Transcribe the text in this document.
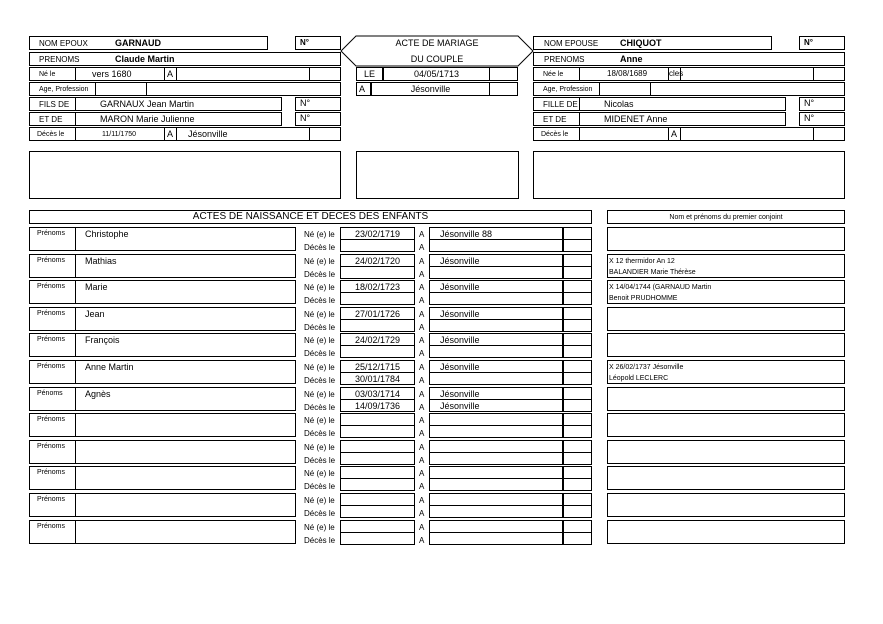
NOM EPOUX	GARNAUD	N°
PRENOMS	Claude Martin
Né le	vers 1680	A
Age, Profession
FILS DE	GARNAUX Jean Martin	N°
ET DE	MARON Marie Julienne	N°
Décès le	11/11/1750	A Jésonville
ACTE DE MARIAGE
DU COUPLE
LE	04/05/1713
A	Jésonville
NOM EPOUSE CHIQUOT	N°
PRENOMS	Anne
Née le	18/08/1689	cles
Age, Profession
FILLE DE	Nicolas	N°
ET DE	MIDENET Anne	N°
Décès le	A
ACTES DE NAISSANCE ET DECES DES ENFANTS	Nom et prénoms du premier conjoint
Prénoms Christophe	Né (e) le	23/02/1719	A Jésonville 88
Décès le	A
Prénoms Mathias	Né (e) le	24/02/1720	A Jésonville
Décès le	A
X 12 thermidor An 12
BALANDIER Marie Thérèse
Prénoms Marie	Né (e) le	18/02/1723	A Jésonville
Décès le	A
X 14/04/1744 (GARNAUD Martin
Benoit PRUDHOMME
Prénoms Jean	Né (e) le	27/01/1726	A Jésonville
Décès le	A
Prénoms François	Né (e) le	24/02/1729	A Jésonville
Décès le	A
Prénoms Anne Martin	Né (e) le	25/12/1715	A Jésonville
Décès le	30/01/1784	A
X 26/02/1737 Jésonville
Léopold LECLERC
Pénoms Agnès	Né (e) le	03/03/1714	A Jésonville
Décès le	14/09/1736	A Jésonville
Prénoms	Né (e) le	A
Décès le	A
Prénoms	Né (e) le	A
Décès le	A
Prénoms	Né (e) le	A
Décès le	A
Prénoms	Né (e) le	A
Décès le	A
Prénoms	Né (e) le	A
Décès le	A
